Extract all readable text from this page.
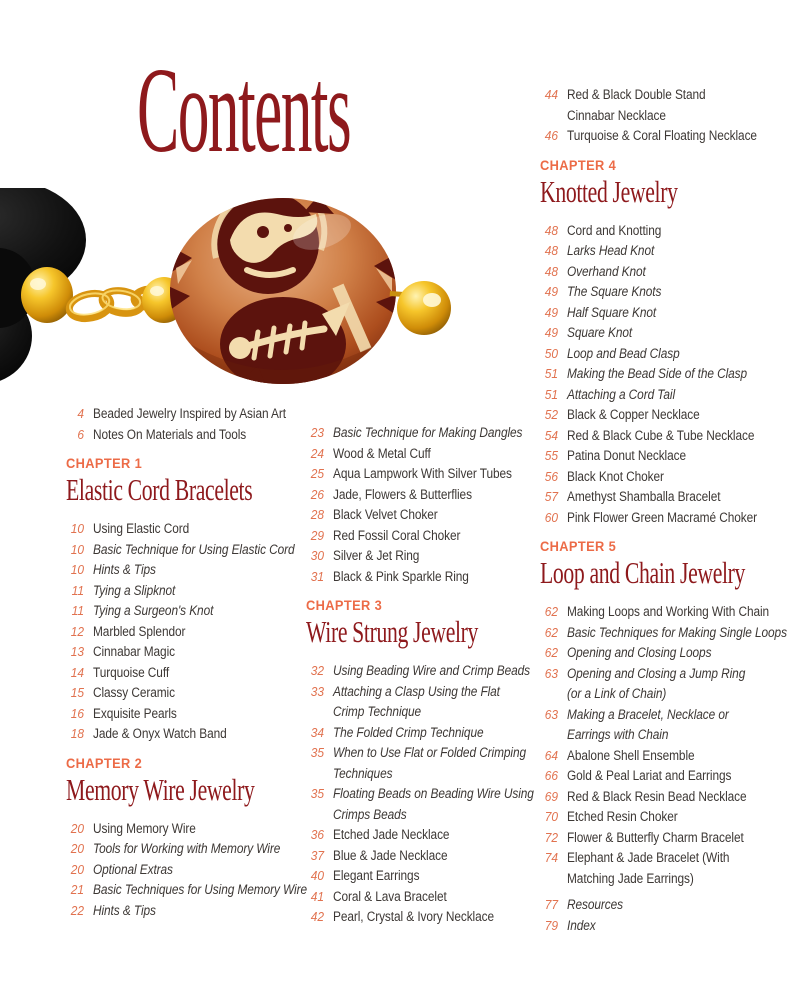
Contents
4 Beaded Jewelry Inspired by Asian Art
6 Notes On Materials and Tools
CHAPTER 1
Elastic Cord Bracelets
10 Using Elastic Cord
10 Basic Technique for Using Elastic Cord
10 Hints & Tips
11 Tying a Slipknot
11 Tying a Surgeon's Knot
12 Marbled Splendor
13 Cinnabar Magic
14 Turquoise Cuff
15 Classy Ceramic
16 Exquisite Pearls
18 Jade & Onyx Watch Band
CHAPTER 2
Memory Wire Jewelry
20 Using Memory Wire
20 Tools for Working with Memory Wire
20 Optional Extras
21 Basic Techniques for Using Memory Wire
22 Hints & Tips
23 Basic Technique for Making Dangles
24 Wood & Metal Cuff
25 Aqua Lampwork With Silver Tubes
26 Jade, Flowers & Butterflies
28 Black Velvet Choker
29 Red Fossil Coral Choker
30 Silver & Jet Ring
31 Black & Pink Sparkle Ring
CHAPTER 3
Wire Strung Jewelry
32 Using Beading Wire and Crimp Beads
33 Attaching a Clasp Using the Flat
Crimp Technique
34 The Folded Crimp Technique
35 When to Use Flat or Folded Crimping
Techniques
35 Floating Beads on Beading Wire Using
Crimps Beads
36 Etched Jade Necklace
37 Blue & Jade Necklace
40 Elegant Earrings
41 Coral & Lava Bracelet
42 Pearl, Crystal & Ivory Necklace
44 Red & Black Double Stand
Cinnabar Necklace
46 Turquoise & Coral Floating Necklace
CHAPTER 4
Knotted Jewelry
48 Cord and Knotting
48 Larks Head Knot
48 Overhand Knot
49 The Square Knots
49 Half Square Knot
49 Square Knot
50 Loop and Bead Clasp
51 Making the Bead Side of the Clasp
51 Attaching a Cord Tail
52 Black & Copper Necklace
54 Red & Black Cube & Tube Necklace
55 Patina Donut Necklace
56 Black Knot Choker
57 Amethyst Shamballa Bracelet
60 Pink Flower Green Macramé Choker
CHAPTER 5
Loop and Chain Jewelry
62 Making Loops and Working With Chain
62 Basic Techniques for Making Single Loops
62 Opening and Closing Loops
63 Opening and Closing a Jump Ring
(or a Link of Chain)
63 Making a Bracelet, Necklace or
Earrings with Chain
64 Abalone Shell Ensemble
66 Gold & Peal Lariat and Earrings
69 Red & Black Resin Bead Necklace
70 Etched Resin Choker
72 Flower & Butterfly Charm Bracelet
74 Elephant & Jade Bracelet (With
Matching Jade Earrings)
77 Resources
79 Index
